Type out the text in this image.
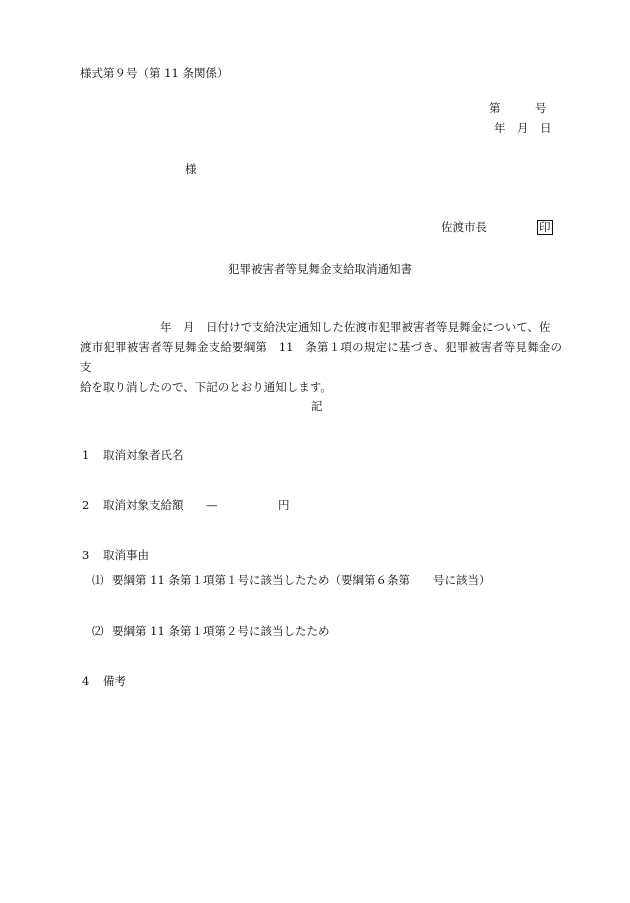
様式第９号（第 11 条関係）
第　　　号
年　月　日
様
佐渡市長	印
犯罪被害者等見舞金支給取消通知書
年　月　日付けで支給決定通知した佐渡市犯罪被害者等見舞金について、佐
渡市犯罪被害者等見舞金支給要綱第　11　条第１項の規定に基づき、犯罪被害者等見舞金の支
給を取り消したので、下記のとおり通知します。
記
1 取消対象者氏名
2 取消対象支給額 —	円
3 取消事由
⑴ 要綱第 11 条第１項第１号に該当したため（要綱第６条第　　号に該当）
⑵ 要綱第 11 条第１項第２号に該当したため
4 備考
